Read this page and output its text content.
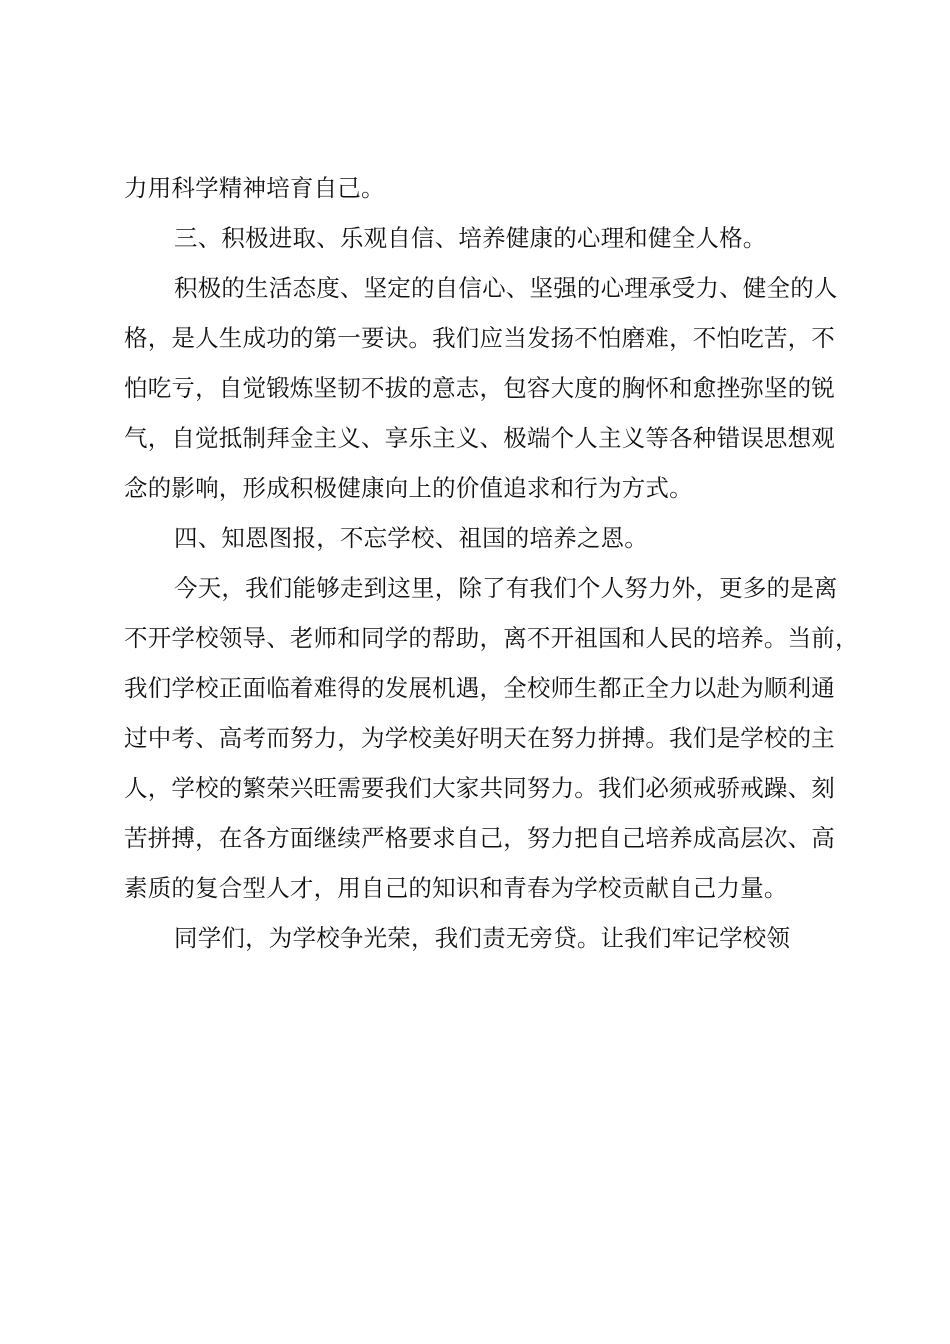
力用科学精神培育自己。
三、积极进取、乐观自信、培养健康的心理和健全人格。
积极的生活态度、坚定的自信心、坚强的心理承受力、健全的人
格，是人生成功的第一要诀。我们应当发扬不怕磨难，不怕吃苦，不
怕吃亏，自觉锻炼坚韧不拔的意志，包容大度的胸怀和愈挫弥坚的锐
气，自觉抵制拜金主义、享乐主义、极端个人主义等各种错误思想观
念的影响，形成积极健康向上的价值追求和行为方式。
四、知恩图报，不忘学校、祖国的培养之恩。
今天，我们能够走到这里，除了有我们个人努力外，更多的是离
不开学校领导、老师和同学的帮助，离不开祖国和人民的培养。当前，
我们学校正面临着难得的发展机遇，全校师生都正全力以赴为顺利通
过中考、高考而努力，为学校美好明天在努力拼搏。我们是学校的主
人，学校的繁荣兴旺需要我们大家共同努力。我们必须戒骄戒躁、刻
苦拼搏，在各方面继续严格要求自己，努力把自己培养成高层次、高
素质的复合型人才，用自己的知识和青春为学校贡献自己力量。
同学们，为学校争光荣，我们责无旁贷。让我们牢记学校领
